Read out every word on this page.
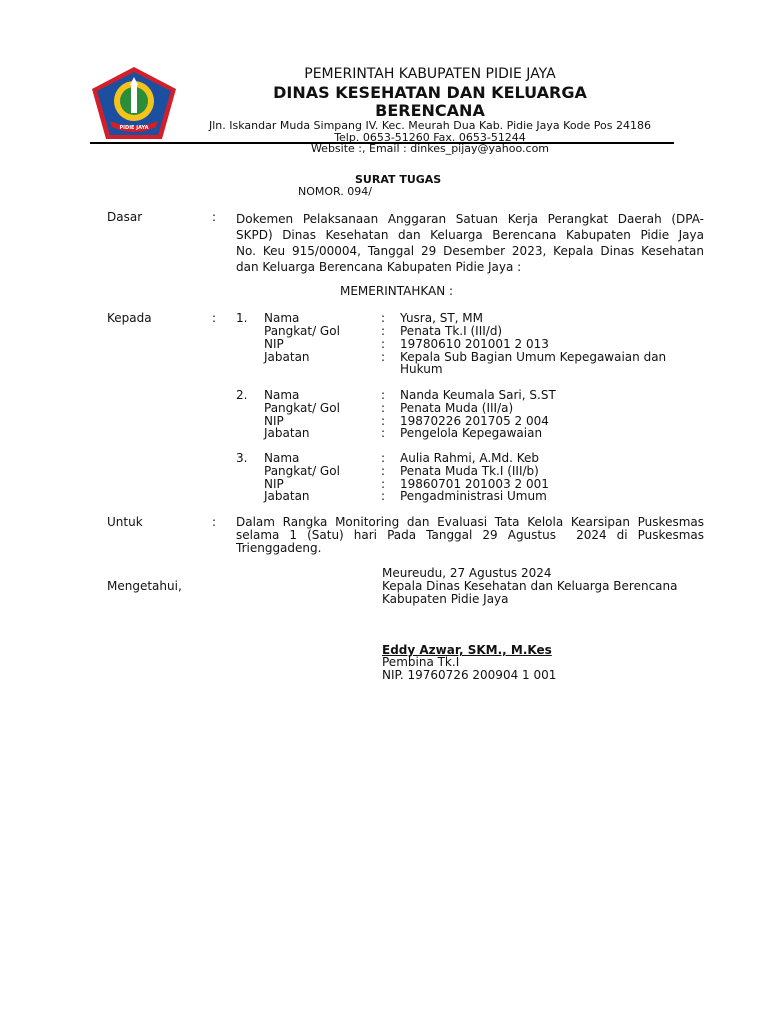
PIDIE JAYA
PEMERINTAH KABUPATEN PIDIE JAYA
DINAS KESEHATAN DAN KELUARGA
BERENCANA
Jln. Iskandar Muda Simpang IV. Kec. Meurah Dua Kab. Pidie Jaya Kode Pos 24186
Telp. 0653-51260 Fax. 0653-51244
Website :, Email : dinkes_pijay@yahoo.com
SURAT TUGAS
NOMOR. 094/
Dasar	: Dokemen Pelaksanaan Anggaran Satuan Kerja Perangkat Daerah (DPA-
SKPD) Dinas Kesehatan dan Keluarga Berencana Kabupaten Pidie Jaya
No. Keu 915/00004, Tanggal 29 Desember 2023, Kepala Dinas Kesehatan
dan Keluarga Berencana Kabupaten Pidie Jaya :
MEMERINTAHKAN :
Kepada	: 1. Nama	: Yusra, ST, MM
Pangkat/ Gol	: Penata Tk.I (III/d)
NIP	: 19780610 201001 2 013
Jabatan	: Kepala Sub Bagian Umum Kepegawaian dan
Hukum
2. Nama	: Nanda Keumala Sari, S.ST
Pangkat/ Gol	: Penata Muda (III/a)
NIP	: 19870226 201705 2 004
Jabatan	: Pengelola Kepegawaian
3. Nama	: Aulia Rahmi, A.Md. Keb
Pangkat/ Gol	: Penata Muda Tk.I (III/b)
NIP	: 19860701 201003 2 001
Jabatan	: Pengadministrasi Umum
Untuk	: Dalam Rangka Monitoring dan Evaluasi Tata Kelola Kearsipan Puskesmas
selama 1 (Satu) hari Pada Tanggal 29 Agustus  2024 di Puskesmas
Trienggadeng.
Meureudu, 27 Agustus 2024
Mengetahui,	Kepala Dinas Kesehatan dan Keluarga Berencana
Kabupaten Pidie Jaya
Eddy Azwar, SKM., M.Kes
Pembina Tk.I
NIP. 19760726 200904 1 001
